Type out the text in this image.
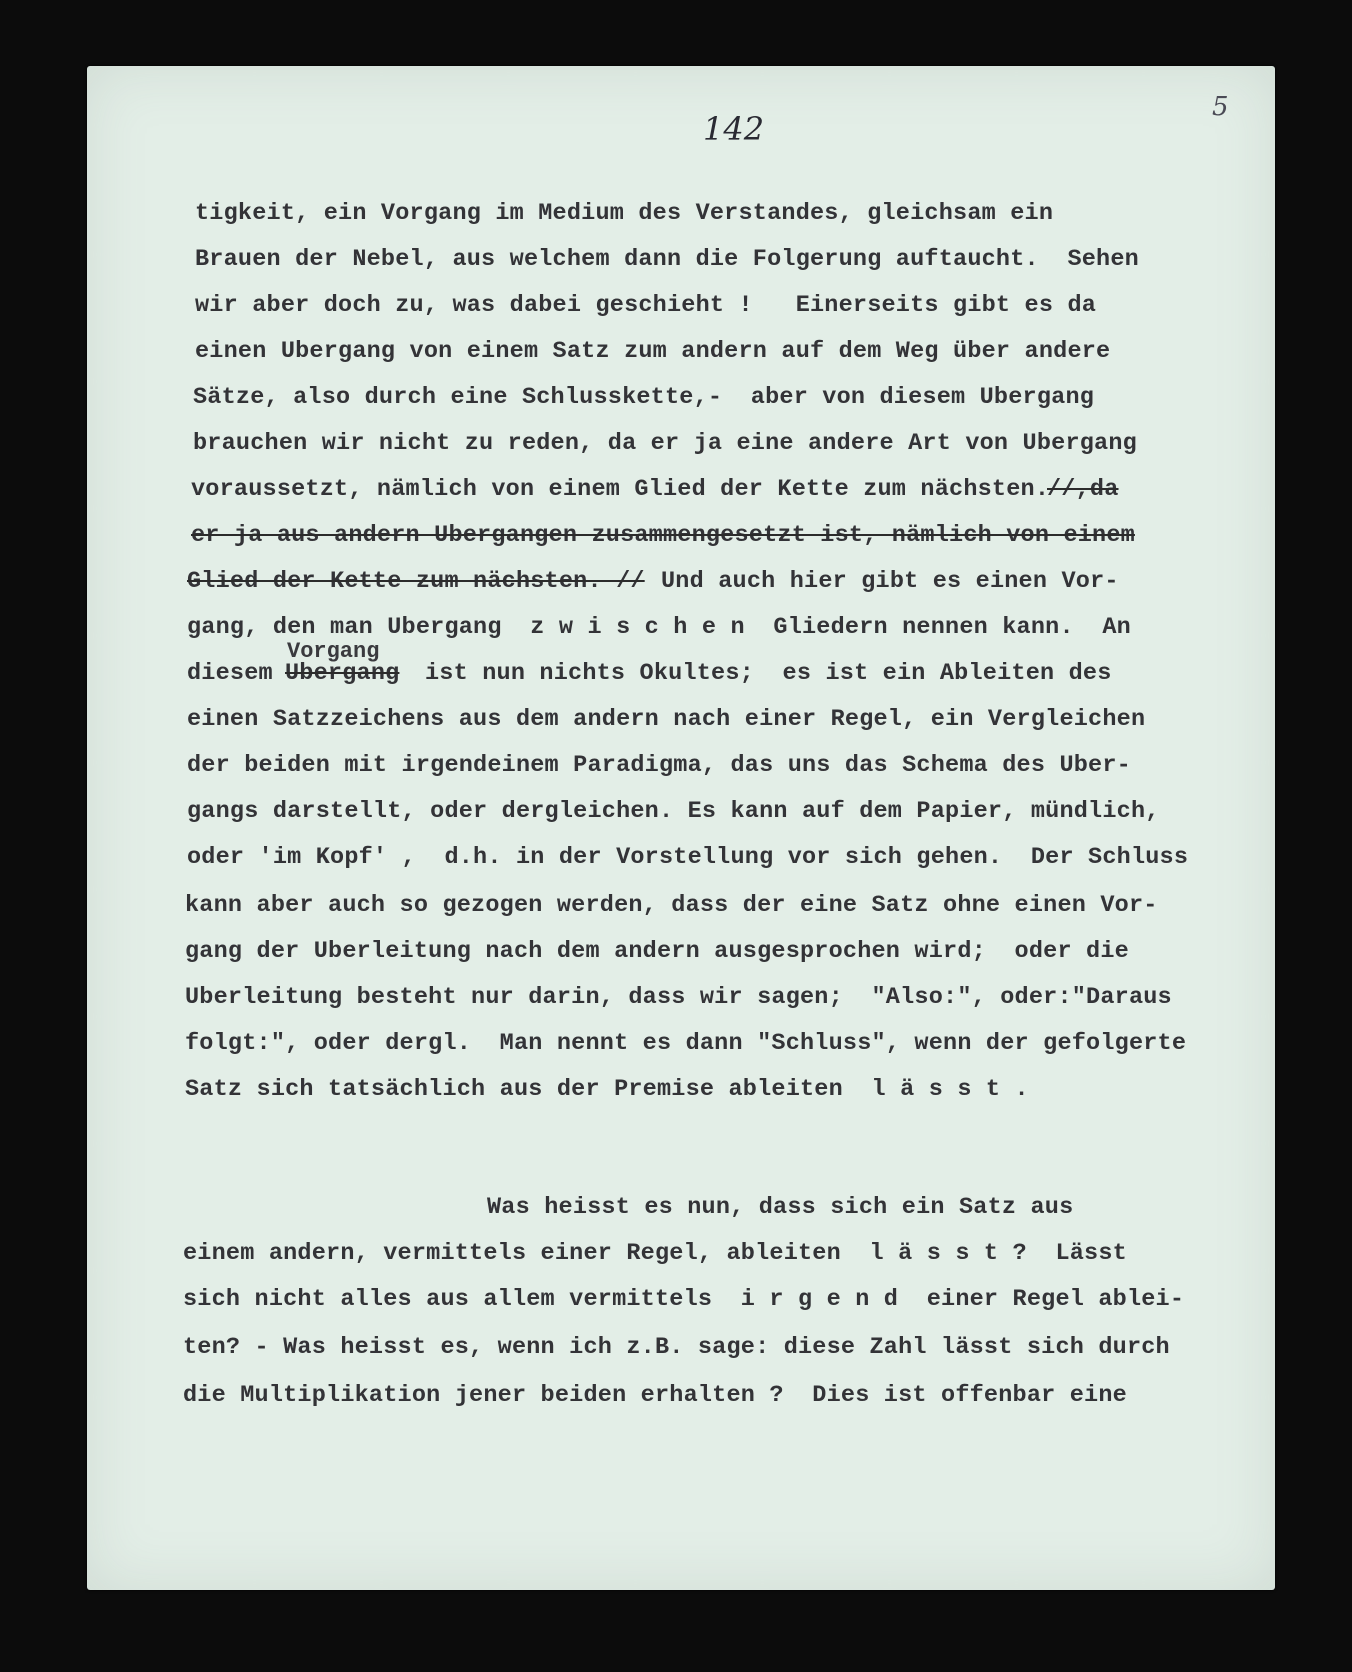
142
5
tigkeit, ein Vorgang im Medium des Verstandes, gleichsam ein
Brauen der Nebel, aus welchem dann die Folgerung auftaucht.  Sehen
wir aber doch zu, was dabei geschieht !   Einerseits gibt es da
einen Ubergang von einem Satz zum andern auf dem Weg über andere
Sätze, also durch eine Schlusskette,-  aber von diesem Ubergang
brauchen wir nicht zu reden, da er ja eine andere Art von Ubergang
voraussetzt, nämlich von einem Glied der Kette zum nächsten.
//,da
er ja aus andern Ubergangen zusammengesetzt ist, nämlich von einem
Glied der Kette zum nächsten. // Und auch hier gibt es einen Vor-
gang, den man Ubergang  z w i s c h e n  Gliedern nennen kann.  An
Vorgang
diesem Ubergang ist nun nichts Okultes;  es ist ein Ableiten des
einen Satzzeichens aus dem andern nach einer Regel, ein Vergleichen
der beiden mit irgendeinem Paradigma, das uns das Schema des Uber-
gangs darstellt, oder dergleichen. Es kann auf dem Papier, mündlich,
oder 'im Kopf' ,  d.h. in der Vorstellung vor sich gehen.  Der Schluss
kann aber auch so gezogen werden, dass der eine Satz ohne einen Vor-
gang der Uberleitung nach dem andern ausgesprochen wird;  oder die
Uberleitung besteht nur darin, dass wir sagen;  "Also:", oder:"Daraus
folgt:", oder dergl.  Man nennt es dann "Schluss", wenn der gefolgerte
Satz sich tatsächlich aus der Premise ableiten  l ä s s t .
Was heisst es nun, dass sich ein Satz aus
einem andern, vermittels einer Regel, ableiten  l ä s s t ?  Lässt
sich nicht alles aus allem vermittels  i r g e n d  einer Regel ablei-
ten? - Was heisst es, wenn ich z.B. sage: diese Zahl lässt sich durch
die Multiplikation jener beiden erhalten ?  Dies ist offenbar eine
